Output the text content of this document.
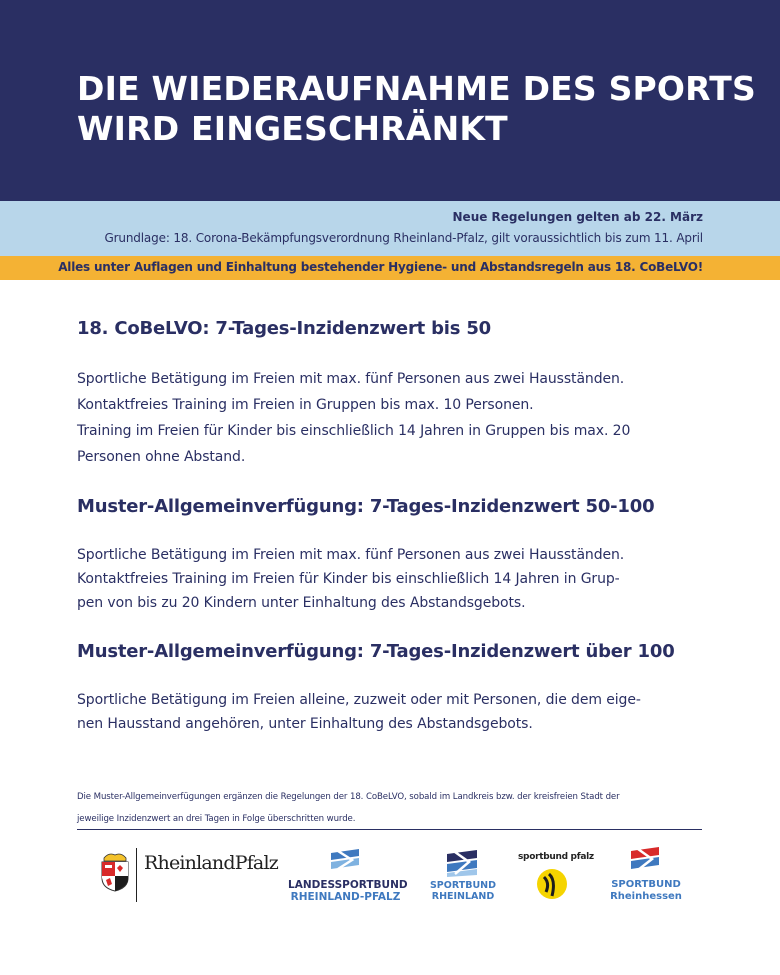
DIE WIEDERAUFNAHME DES SPORTS
WIRD EINGESCHRÄNKT
Neue Regelungen gelten ab 22. März
Grundlage: 18. Corona-Bekämpfungsverordnung Rheinland-Pfalz, gilt voraussichtlich bis zum 11. April
Alles unter Auflagen und Einhaltung bestehender Hygiene- und Abstandsregeln aus 18. CoBeLVO!
18. CoBeLVO: 7-Tages-Inzidenzwert bis 50

Sportliche Betätigung im Freien mit max. fünf Personen aus zwei Hausständen.
Kontaktfreies Training im Freien in Gruppen bis max. 10 Personen.
Training im Freien für Kinder bis einschließlich 14 Jahren in Gruppen bis max. 20
Personen ohne Abstand.

Muster-Allgemeinverfügung: 7-Tages-Inzidenzwert 50-100

Sportliche Betätigung im Freien mit max. fünf Personen aus zwei Hausständen.
Kontaktfreies Training im Freien für Kinder bis einschließlich 14 Jahren in Grup-
pen von bis zu 20 Kindern unter Einhaltung des Abstandsgebots.

Muster-Allgemeinverfügung: 7-Tages-Inzidenzwert über 100

Sportliche Betätigung im Freien alleine, zuzweit oder mit Personen, die dem eige-
nen Hausstand angehören, unter Einhaltung des Abstandsgebots.

Die Muster-Allgemeinverfügungen ergänzen die Regelungen der 18. CoBeLVO, sobald im Landkreis bzw. der kreisfreien Stadt der
jeweilige Inzidenzwert an drei Tagen in Folge überschritten wurde.
RheinlandPfalz
LANDESSPORTBUND
RHEINLAND-PFALZ
SPORTBUND
RHEINLAND
sportbund pfalz
SPORTBUND
Rheinhessen
